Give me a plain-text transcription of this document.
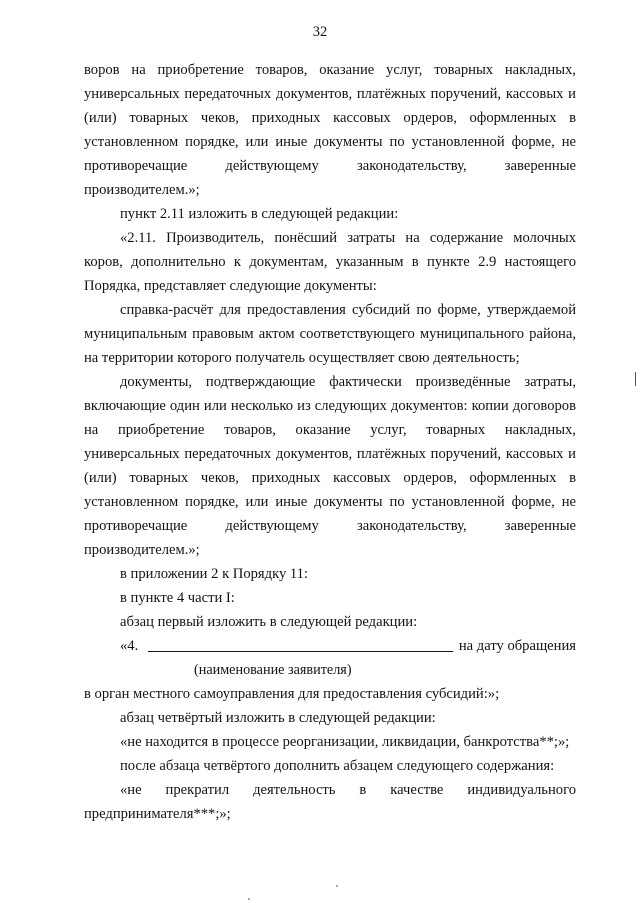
32

воров на приобретение товаров, оказание услуг, товарных накладных, универсальных передаточных документов, платёжных поручений, кассовых и (или) товарных чеков, приходных кассовых ордеров, оформленных в установленном порядке, или иные документы по установленной форме, не противоречащие действующему законодательству, заверенные производителем.»;

пункт 2.11 изложить в следующей редакции:

«2.11. Производитель, понёсший затраты на содержание молочных коров, дополнительно к документам, указанным в пункте 2.9 настоящего Порядка, представляет следующие документы:

справка-расчёт для предоставления субсидий по форме, утверждаемой муниципальным правовым актом соответствующего муниципального района, на территории которого получатель осуществляет свою деятельность;

документы, подтверждающие фактически произведённые затраты, включающие один или несколько из следующих документов: копии договоров на приобретение товаров, оказание услуг, товарных накладных, универсальных передаточных документов, платёжных поручений, кассовых и (или) товарных чеков, приходных кассовых ордеров, оформленных в установленном порядке, или иные документы по установленной форме, не противоречащие действующему законодательству, заверенные производителем.»;

в приложении 2 к Порядку 11:

в пункте 4 части I:

абзац первый изложить в следующей редакции:

«4.	на дату обращения

(наименование заявителя)

в орган местного самоуправления для предоставления субсидий:»;

абзац четвёртый изложить в следующей редакции:

«не находится в процессе реорганизации, ликвидации, банкротства**;»;

после абзаца четвёртого дополнить абзацем следующего содержания:

«не прекратил деятельность в качестве индивидуального предпринимателя***;»;
